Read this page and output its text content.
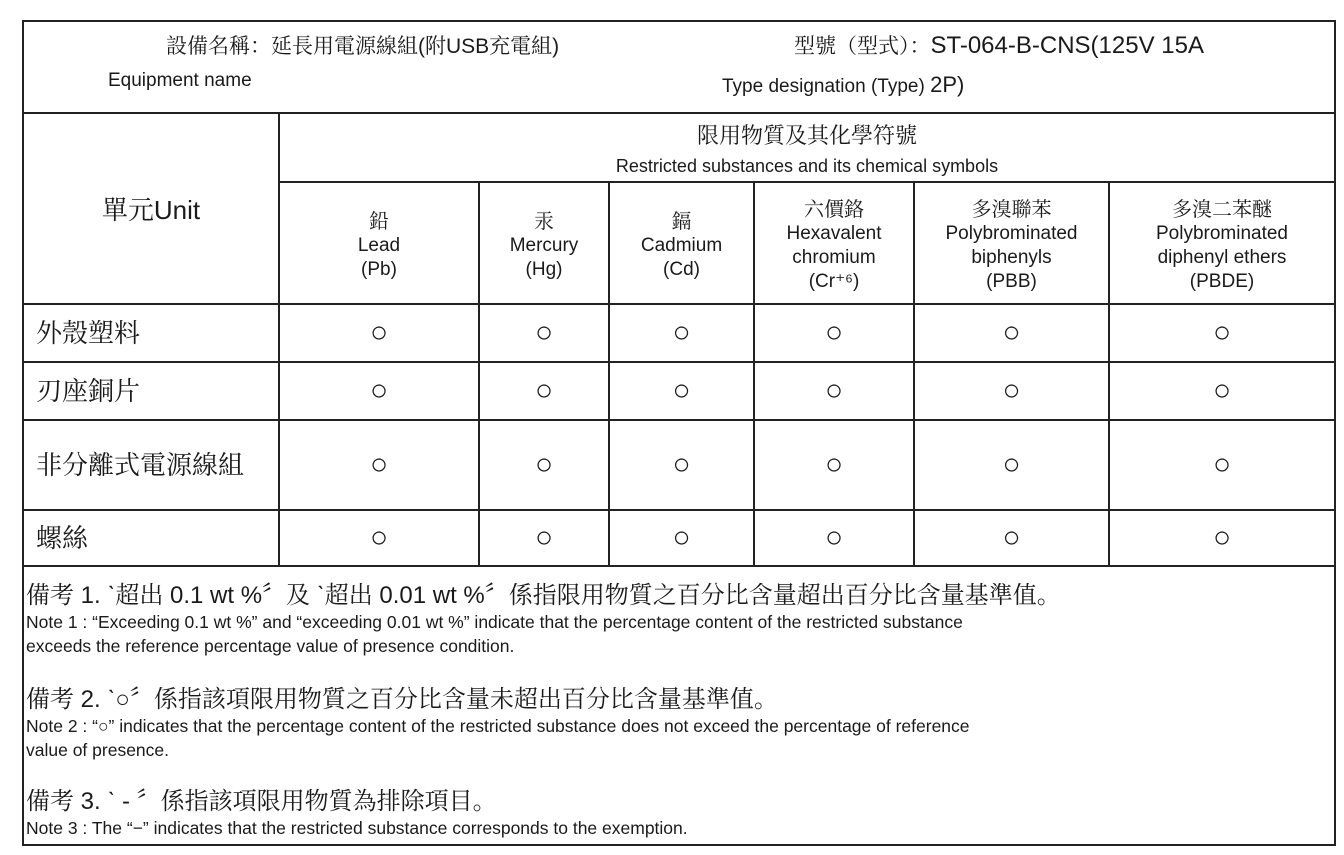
設備名稱：延長用電源線組(附USB充電組)
Equipment name
型號（型式）：ST-064-B-CNS(125V 15A
Type designation (Type) 2P)
單元Unit	限用物質及其化學符號
Restricted substances and its chemical symbols					

	鉛
Lead
(Pb)	汞
Mercury
(Hg)	鎘
Cadmium
(Cd)	六價鉻
Hexavalent
chromium
(Cr⁺⁶)	多溴聯苯
Polybrominated
biphenyls
(PBB)	多溴二苯醚
Polybrominated
diphenyl ethers
(PBDE)

外殼塑料	○	○	○	○	○	○
刃座銅片	○	○	○	○	○	○
非分離式電源線組	○	○	○	○	○	○
螺絲	○	○	○	○	○	○
備考 1. ˋ超出 0.1 wt %〞及 ˋ超出 0.01 wt %〞係指限用物質之百分比含量超出百分比含量基準值。
Note 1 : “Exceeding 0.1 wt %” and “exceeding 0.01 wt %” indicate that the percentage content of the restricted substance
exceeds the reference percentage value of presence condition.
備考 2. ˋ○〞係指該項限用物質之百分比含量未超出百分比含量基準值。
Note 2 : “○” indicates that the percentage content of the restricted substance does not exceed the percentage of reference
value of presence.
備考 3. ˋ - 〞係指該項限用物質為排除項目。
Note 3 : The “−” indicates that the restricted substance corresponds to the exemption.
